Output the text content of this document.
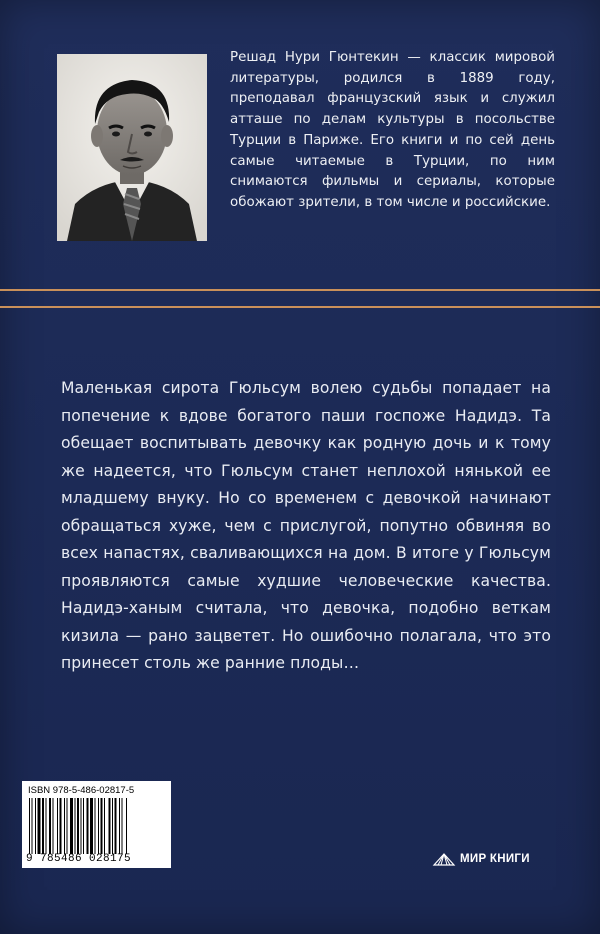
Решад Нури Гюнтекин — классик мировой литературы, родился в 1889 году, преподавал французский язык и служил атташе по делам культуры в посольстве Турции в Париже. Его книги и по сей день самые читаемые в Турции, по ним снимаются фильмы и сериалы, которые обожают зрители, в том числе и российские.
Маленькая сирота Гюльсум волею судьбы попадает на попечение к вдове богатого паши госпоже Надидэ. Та обещает воспитывать девочку как родную дочь и к тому же надеется, что Гюльсум станет неплохой нянькой ее младшему внуку. Но со временем с девочкой начинают обращаться хуже, чем с прислугой, попутно обвиняя во всех напастях, сваливающихся на дом. В итоге у Гюльсум проявляются самые худшие человеческие качества. Надидэ-ханым считала, что девочка, подобно веткам кизила — рано зацветет. Но ошибочно полагала, что это принесет столь же ранние плоды…
ISBN 978-5-486-02817-5
9 785486 028175	МИР КНИГИ
